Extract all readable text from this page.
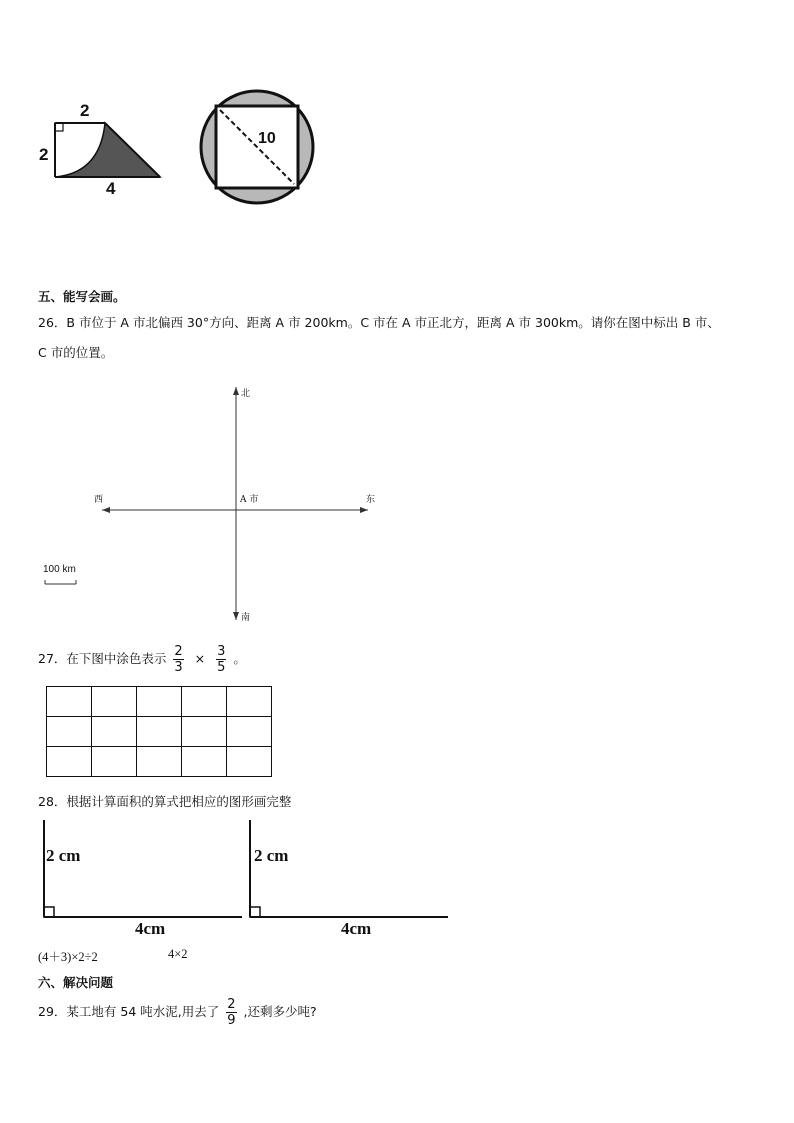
2
2
4
10
五、能写会画。
26．B 市位于 A 市北偏西 30°方向、距离 A 市 200km。C 市在 A 市正北方，距离 A 市 300km。请你在图中标出 B 市、
C 市的位置。
北
南
西	东
A 市
100 km
27．在下图中涂色表示 $\frac{2}{3} \times \frac{3}{5}$ 。

28．根据计算面积的算式把相应的图形画完整
2 cm
4cm
2 cm
4cm
(4＋3)×2÷2	4×2
六、解决问题
29．某工地有 54 吨水泥,用去了 $\frac{2}{9}$ ,还剩多少吨?
